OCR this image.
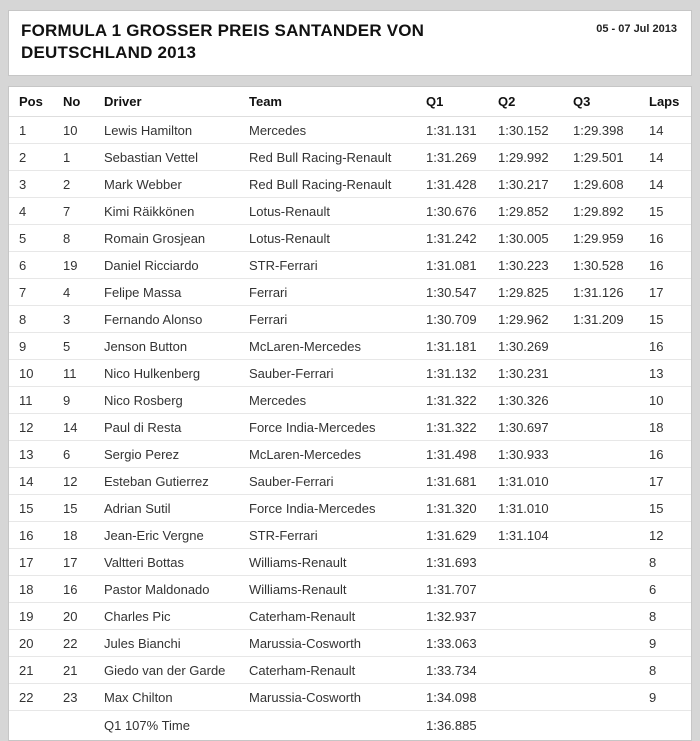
FORMULA 1 GROSSER PREIS SANTANDER VON DEUTSCHLAND 2013
05 - 07 Jul 2013
Pos	No	Driver	Team	Q1	Q2	Q3	Laps
1	10	Lewis Hamilton	Mercedes	1:31.131	1:30.152	1:29.398	14
2	1	Sebastian Vettel	Red Bull Racing-Renault	1:31.269	1:29.992	1:29.501	14
3	2	Mark Webber	Red Bull Racing-Renault	1:31.428	1:30.217	1:29.608	14
4	7	Kimi Räikkönen	Lotus-Renault	1:30.676	1:29.852	1:29.892	15
5	8	Romain Grosjean	Lotus-Renault	1:31.242	1:30.005	1:29.959	16
6	19	Daniel Ricciardo	STR-Ferrari	1:31.081	1:30.223	1:30.528	16
7	4	Felipe Massa	Ferrari	1:30.547	1:29.825	1:31.126	17
8	3	Fernando Alonso	Ferrari	1:30.709	1:29.962	1:31.209	15
9	5	Jenson Button	McLaren-Mercedes	1:31.181	1:30.269		16
10	11	Nico Hulkenberg	Sauber-Ferrari	1:31.132	1:30.231		13
11	9	Nico Rosberg	Mercedes	1:31.322	1:30.326		10
12	14	Paul di Resta	Force India-Mercedes	1:31.322	1:30.697		18
13	6	Sergio Perez	McLaren-Mercedes	1:31.498	1:30.933		16
14	12	Esteban Gutierrez	Sauber-Ferrari	1:31.681	1:31.010		17
15	15	Adrian Sutil	Force India-Mercedes	1:31.320	1:31.010		15
16	18	Jean-Eric Vergne	STR-Ferrari	1:31.629	1:31.104		12
17	17	Valtteri Bottas	Williams-Renault	1:31.693			8
18	16	Pastor Maldonado	Williams-Renault	1:31.707			6
19	20	Charles Pic	Caterham-Renault	1:32.937			8
20	22	Jules Bianchi	Marussia-Cosworth	1:33.063			9
21	21	Giedo van der Garde	Caterham-Renault	1:33.734			8
22	23	Max Chilton	Marussia-Cosworth	1:34.098			9
		Q1 107% Time		1:36.885			
